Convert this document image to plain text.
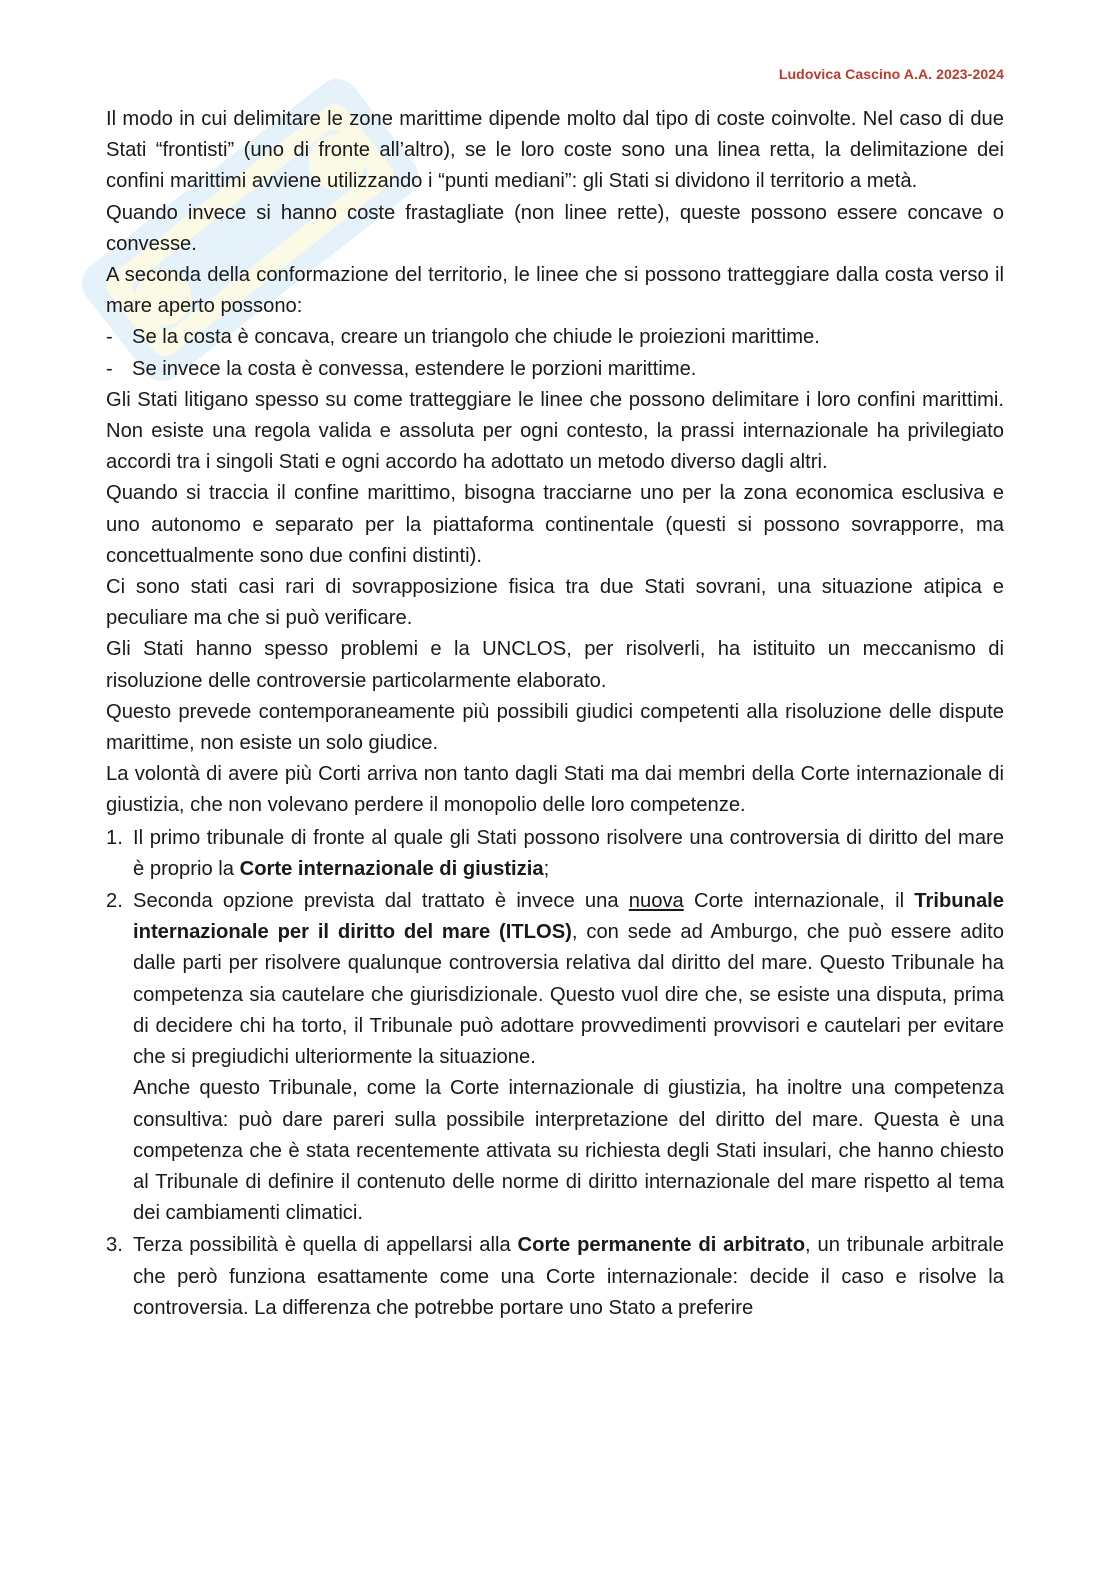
Ludovica Cascino A.A. 2023-2024

Il modo in cui delimitare le zone marittime dipende molto dal tipo di coste coinvolte. Nel caso di due Stati “frontisti” (uno di fronte all’altro), se le loro coste sono una linea retta, la delimitazione dei confini marittimi avviene utilizzando i “punti mediani”: gli Stati si dividono il territorio a metà.

Quando invece si hanno coste frastagliate (non linee rette), queste possono essere concave o convesse.

A seconda della conformazione del territorio, le linee che si possono tratteggiare dalla costa verso il mare aperto possono:

- Se la costa è concava, creare un triangolo che chiude le proiezioni marittime.
- Se invece la costa è convessa, estendere le porzioni marittime.

Gli Stati litigano spesso su come tratteggiare le linee che possono delimitare i loro confini marittimi. Non esiste una regola valida e assoluta per ogni contesto, la prassi internazionale ha privilegiato accordi tra i singoli Stati e ogni accordo ha adottato un metodo diverso dagli altri.

Quando si traccia il confine marittimo, bisogna tracciarne uno per la zona economica esclusiva e uno autonomo e separato per la piattaforma continentale (questi si possono sovrapporre, ma concettualmente sono due confini distinti).

Ci sono stati casi rari di sovrapposizione fisica tra due Stati sovrani, una situazione atipica e peculiare ma che si può verificare.

Gli Stati hanno spesso problemi e la UNCLOS, per risolverli, ha istituito un meccanismo di risoluzione delle controversie particolarmente elaborato.

Questo prevede contemporaneamente più possibili giudici competenti alla risoluzione delle dispute marittime, non esiste un solo giudice.

La volontà di avere più Corti arriva non tanto dagli Stati ma dai membri della Corte internazionale di giustizia, che non volevano perdere il monopolio delle loro competenze.

1. Il primo tribunale di fronte al quale gli Stati possono risolvere una controversia di diritto del mare è proprio la Corte internazionale di giustizia;

2. Seconda opzione prevista dal trattato è invece una nuova Corte internazionale, il Tribunale internazionale per il diritto del mare (ITLOS), con sede ad Amburgo, che può essere adito dalle parti per risolvere qualunque controversia relativa dal diritto del mare. Questo Tribunale ha competenza sia cautelare che giurisdizionale. Questo vuol dire che, se esiste una disputa, prima di decidere chi ha torto, il Tribunale può adottare provvedimenti provvisori e cautelari per evitare che si pregiudichi ulteriormente la situazione.

Anche questo Tribunale, come la Corte internazionale di giustizia, ha inoltre una competenza consultiva: può dare pareri sulla possibile interpretazione del diritto del mare. Questa è una competenza che è stata recentemente attivata su richiesta degli Stati insulari, che hanno chiesto al Tribunale di definire il contenuto delle norme di diritto internazionale del mare rispetto al tema dei cambiamenti climatici.

3. Terza possibilità è quella di appellarsi alla Corte permanente di arbitrato, un tribunale arbitrale che però funziona esattamente come una Corte internazionale: decide il caso e risolve la controversia. La differenza che potrebbe portare uno Stato a preferire
